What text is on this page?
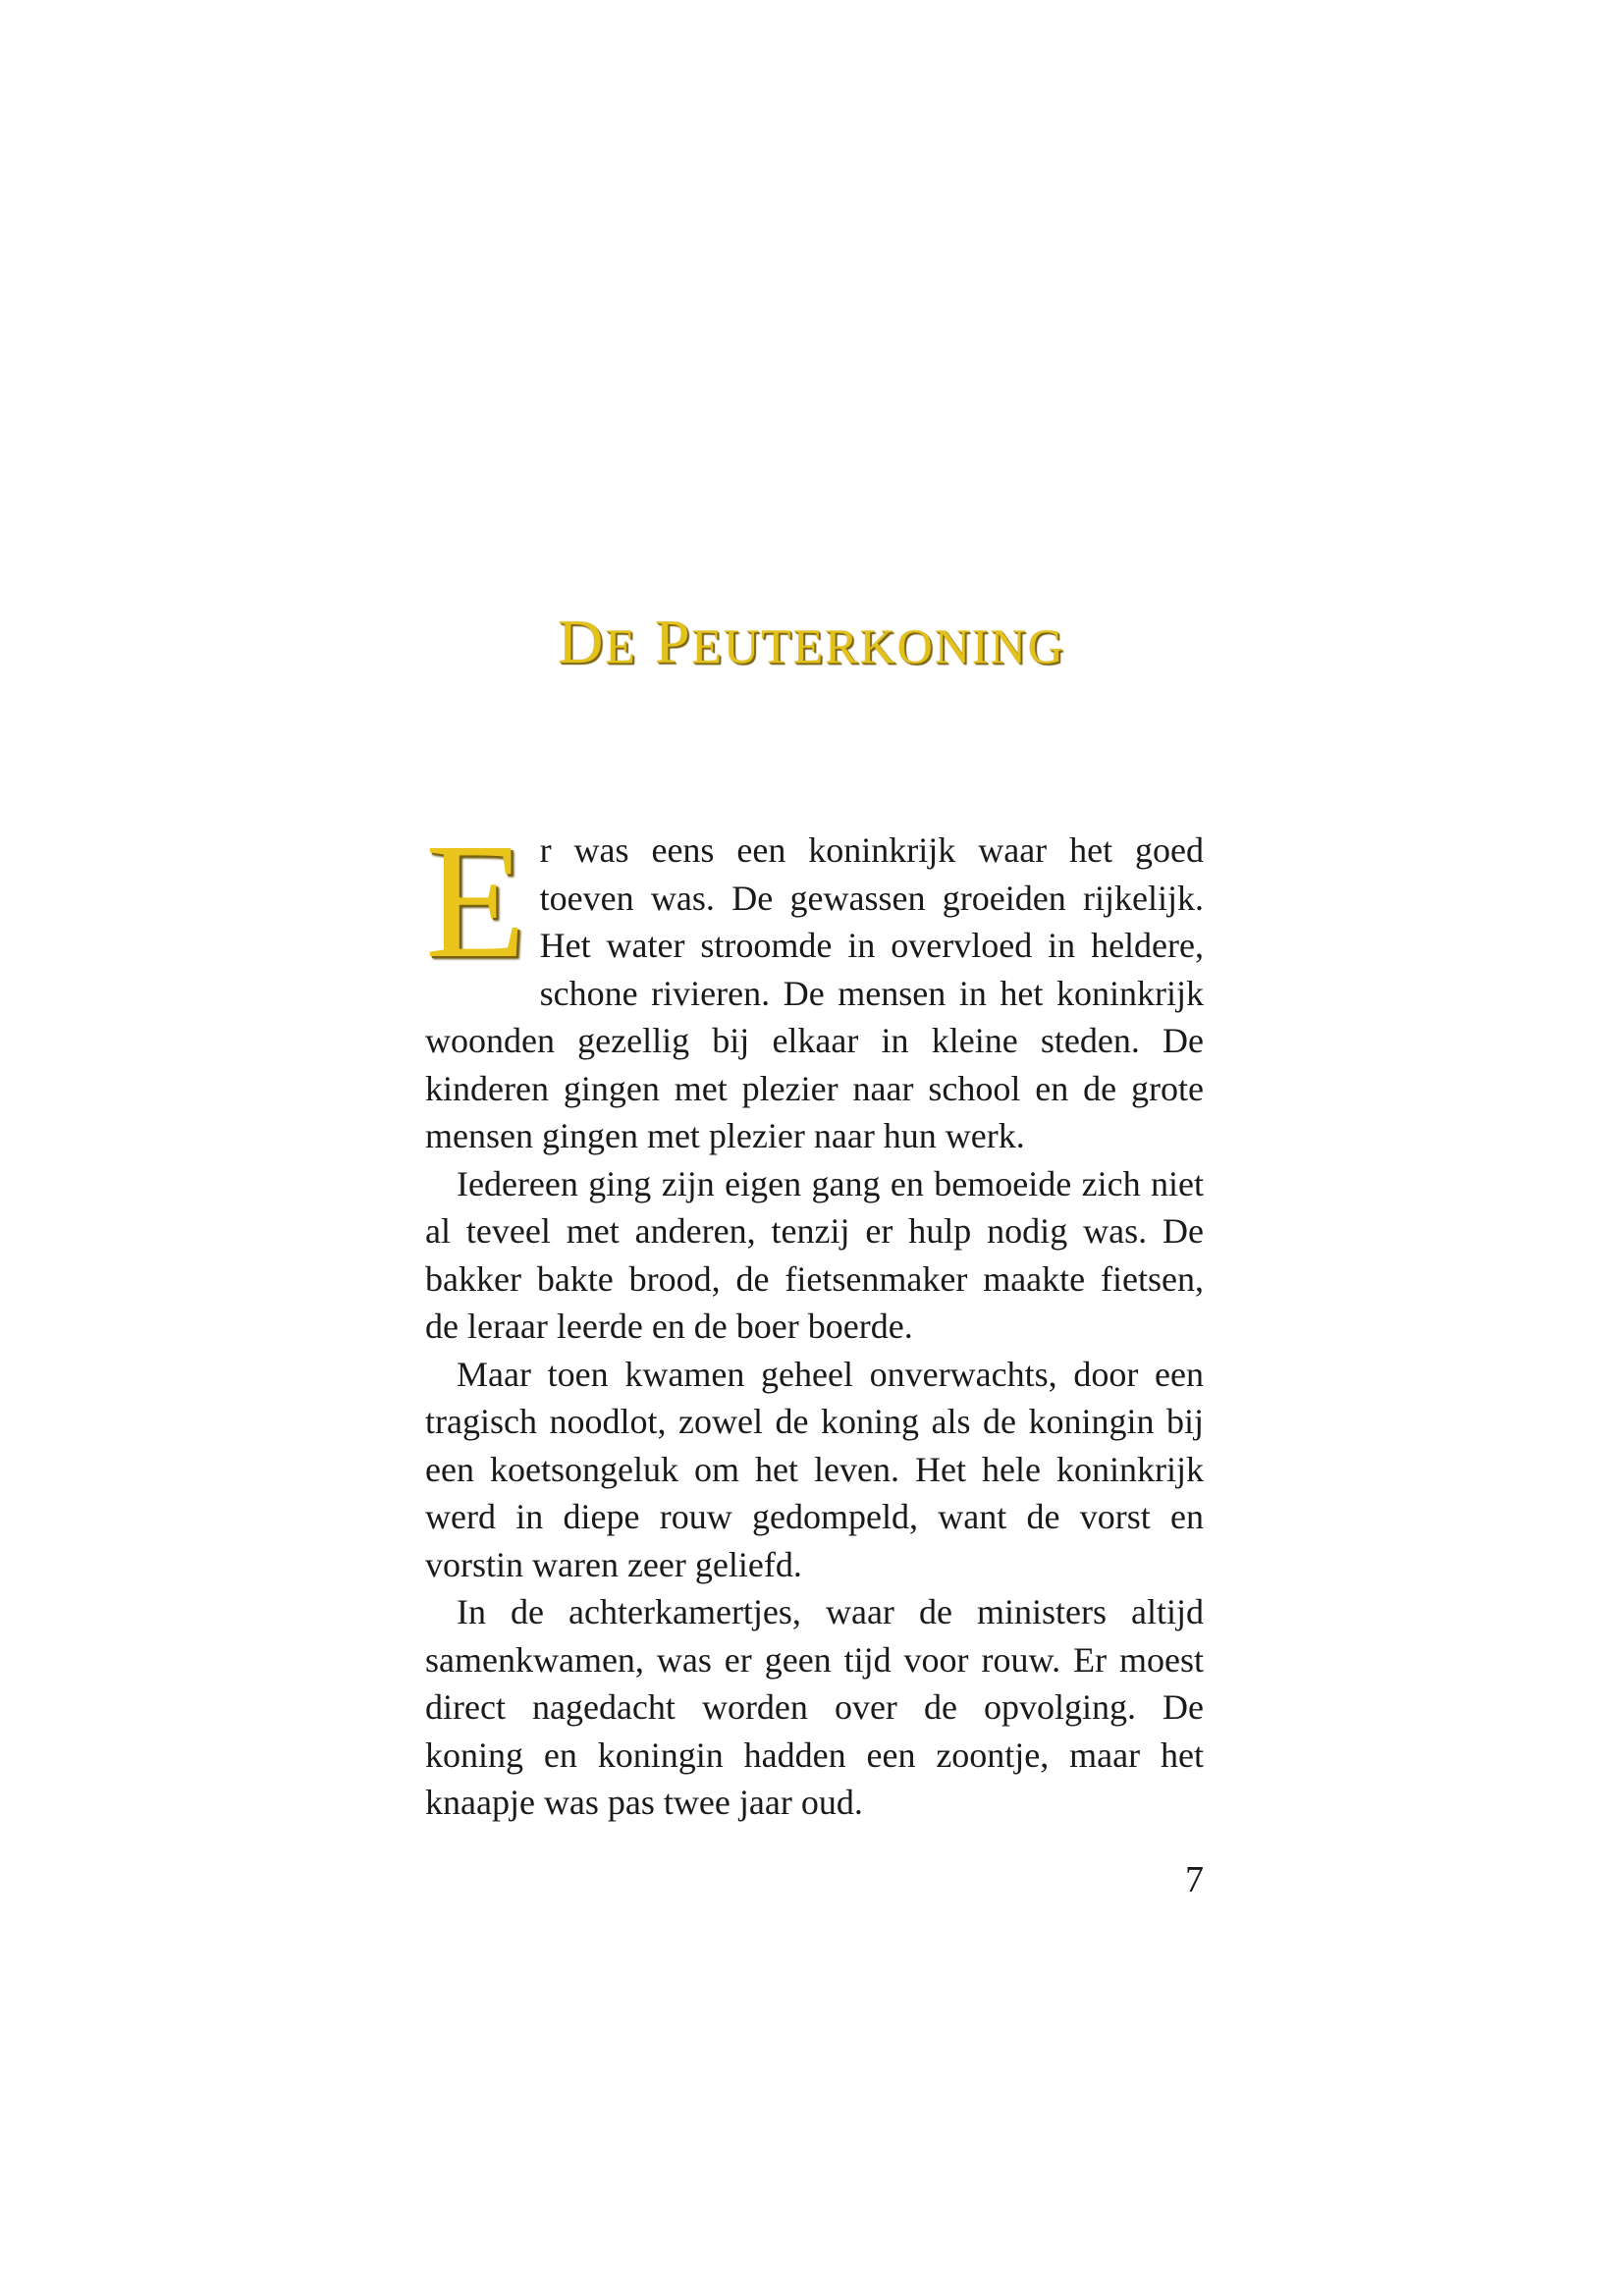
DE PEUTERKONING

Er was eens een koninkrijk waar het goed toeven was. De gewassen groeiden rijkelijk. Het water stroomde in overvloed in heldere, schone rivieren. De mensen in het koninkrijk woonden gezellig bij elkaar in kleine steden. De kinderen gingen met plezier naar school en de grote mensen gingen met plezier naar hun werk.

Iedereen ging zijn eigen gang en bemoeide zich niet al teveel met anderen, tenzij er hulp nodig was. De bakker bakte brood, de fietsenmaker maakte fietsen, de leraar leerde en de boer boerde.

Maar toen kwamen geheel onverwachts, door een tragisch noodlot, zowel de koning als de koningin bij een koetsongeluk om het leven. Het hele koninkrijk werd in diepe rouw gedompeld, want de vorst en vorstin waren zeer geliefd.

In de achterkamertjes, waar de ministers altijd samenkwamen, was er geen tijd voor rouw. Er moest direct nagedacht worden over de opvolging. De koning en koningin hadden een zoontje, maar het knaapje was pas twee jaar oud.

7
